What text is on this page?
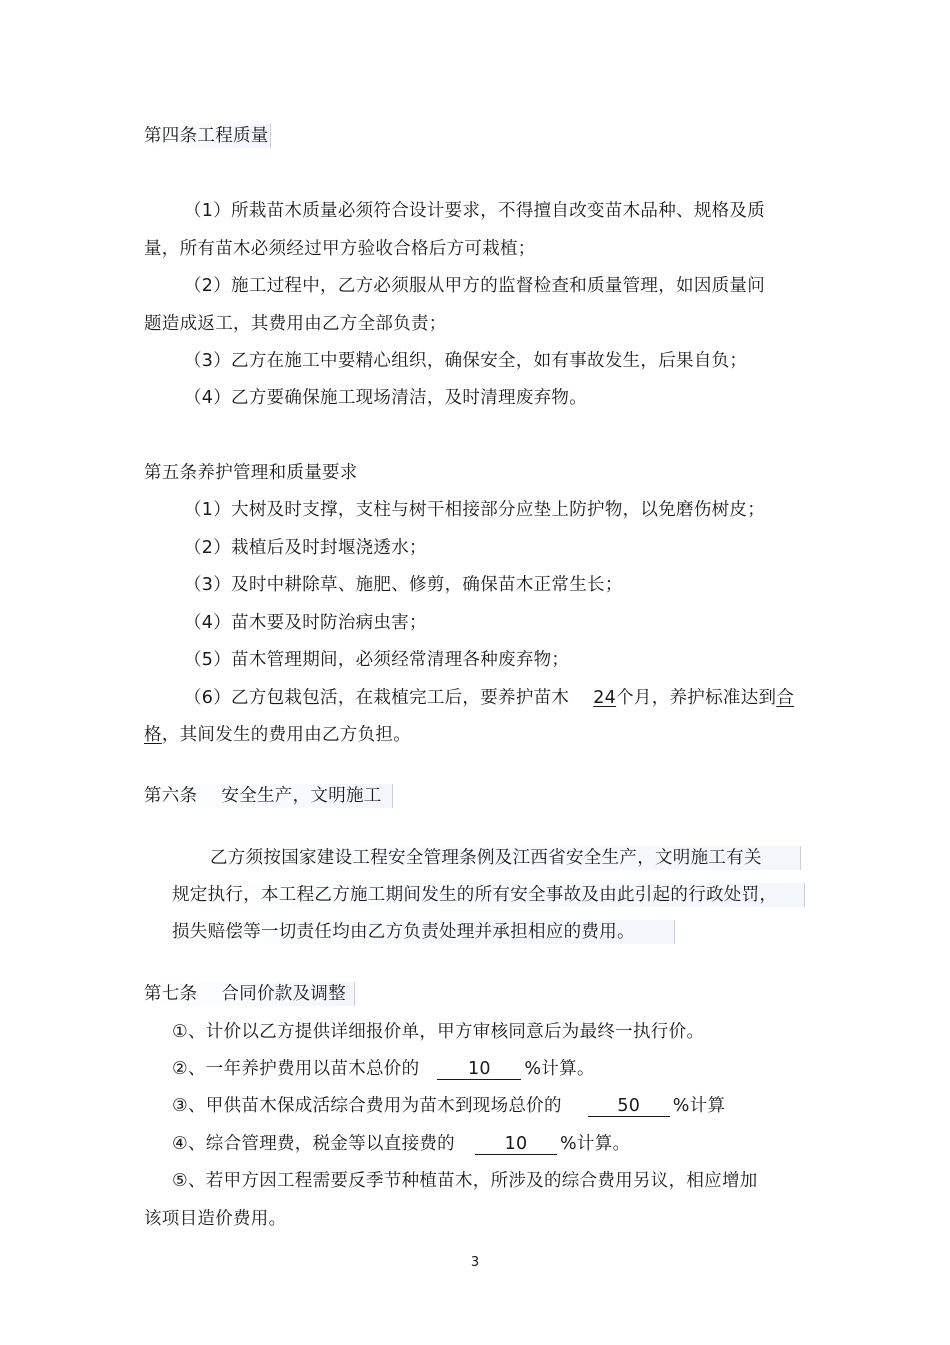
第四条工程质量
（1）所栽苗木质量必须符合设计要求，不得擅自改变苗木品种、规格及质
量，所有苗木必须经过甲方验收合格后方可栽植；
（2）施工过程中，乙方必须服从甲方的监督检查和质量管理，如因质量问
题造成返工，其费用由乙方全部负责；
（3）乙方在施工中要精心组织，确保安全，如有事故发生，后果自负；
（4）乙方要确保施工现场清洁，及时清理废弃物。
第五条养护管理和质量要求
（1）大树及时支撑，支柱与树干相接部分应垫上防护物，以免磨伤树皮；
（2）栽植后及时封堰浇透水；
（3）及时中耕除草、施肥、修剪，确保苗木正常生长；
（4）苗木要及时防治病虫害；
（5）苗木管理期间，必须经常清理各种废弃物；
（6）乙方包栽包活，在栽植完工后，要养护苗木 24个月，养护标准达到合
格，其间发生的费用由乙方负担。
第六条 安全生产，文明施工
乙方须按国家建设工程安全管理条例及江西省安全生产，文明施工有关
规定执行，本工程乙方施工期间发生的所有安全事故及由此引起的行政处罚，
损失赔偿等一切责任均由乙方负责处理并承担相应的费用。
第七条 合同价款及调整
①、计价以乙方提供详细报价单，甲方审核同意后为最终一执行价。
②、一年养护费用以苗木总价的	10 %计算。
③、甲供苗木保成活综合费用为苗木到现场总价的	50 %计算
④、综合管理费，税金等以直接费的	10 %计算。
⑤、若甲方因工程需要反季节种植苗木，所涉及的综合费用另议，相应增加
该项目造价费用。
3
